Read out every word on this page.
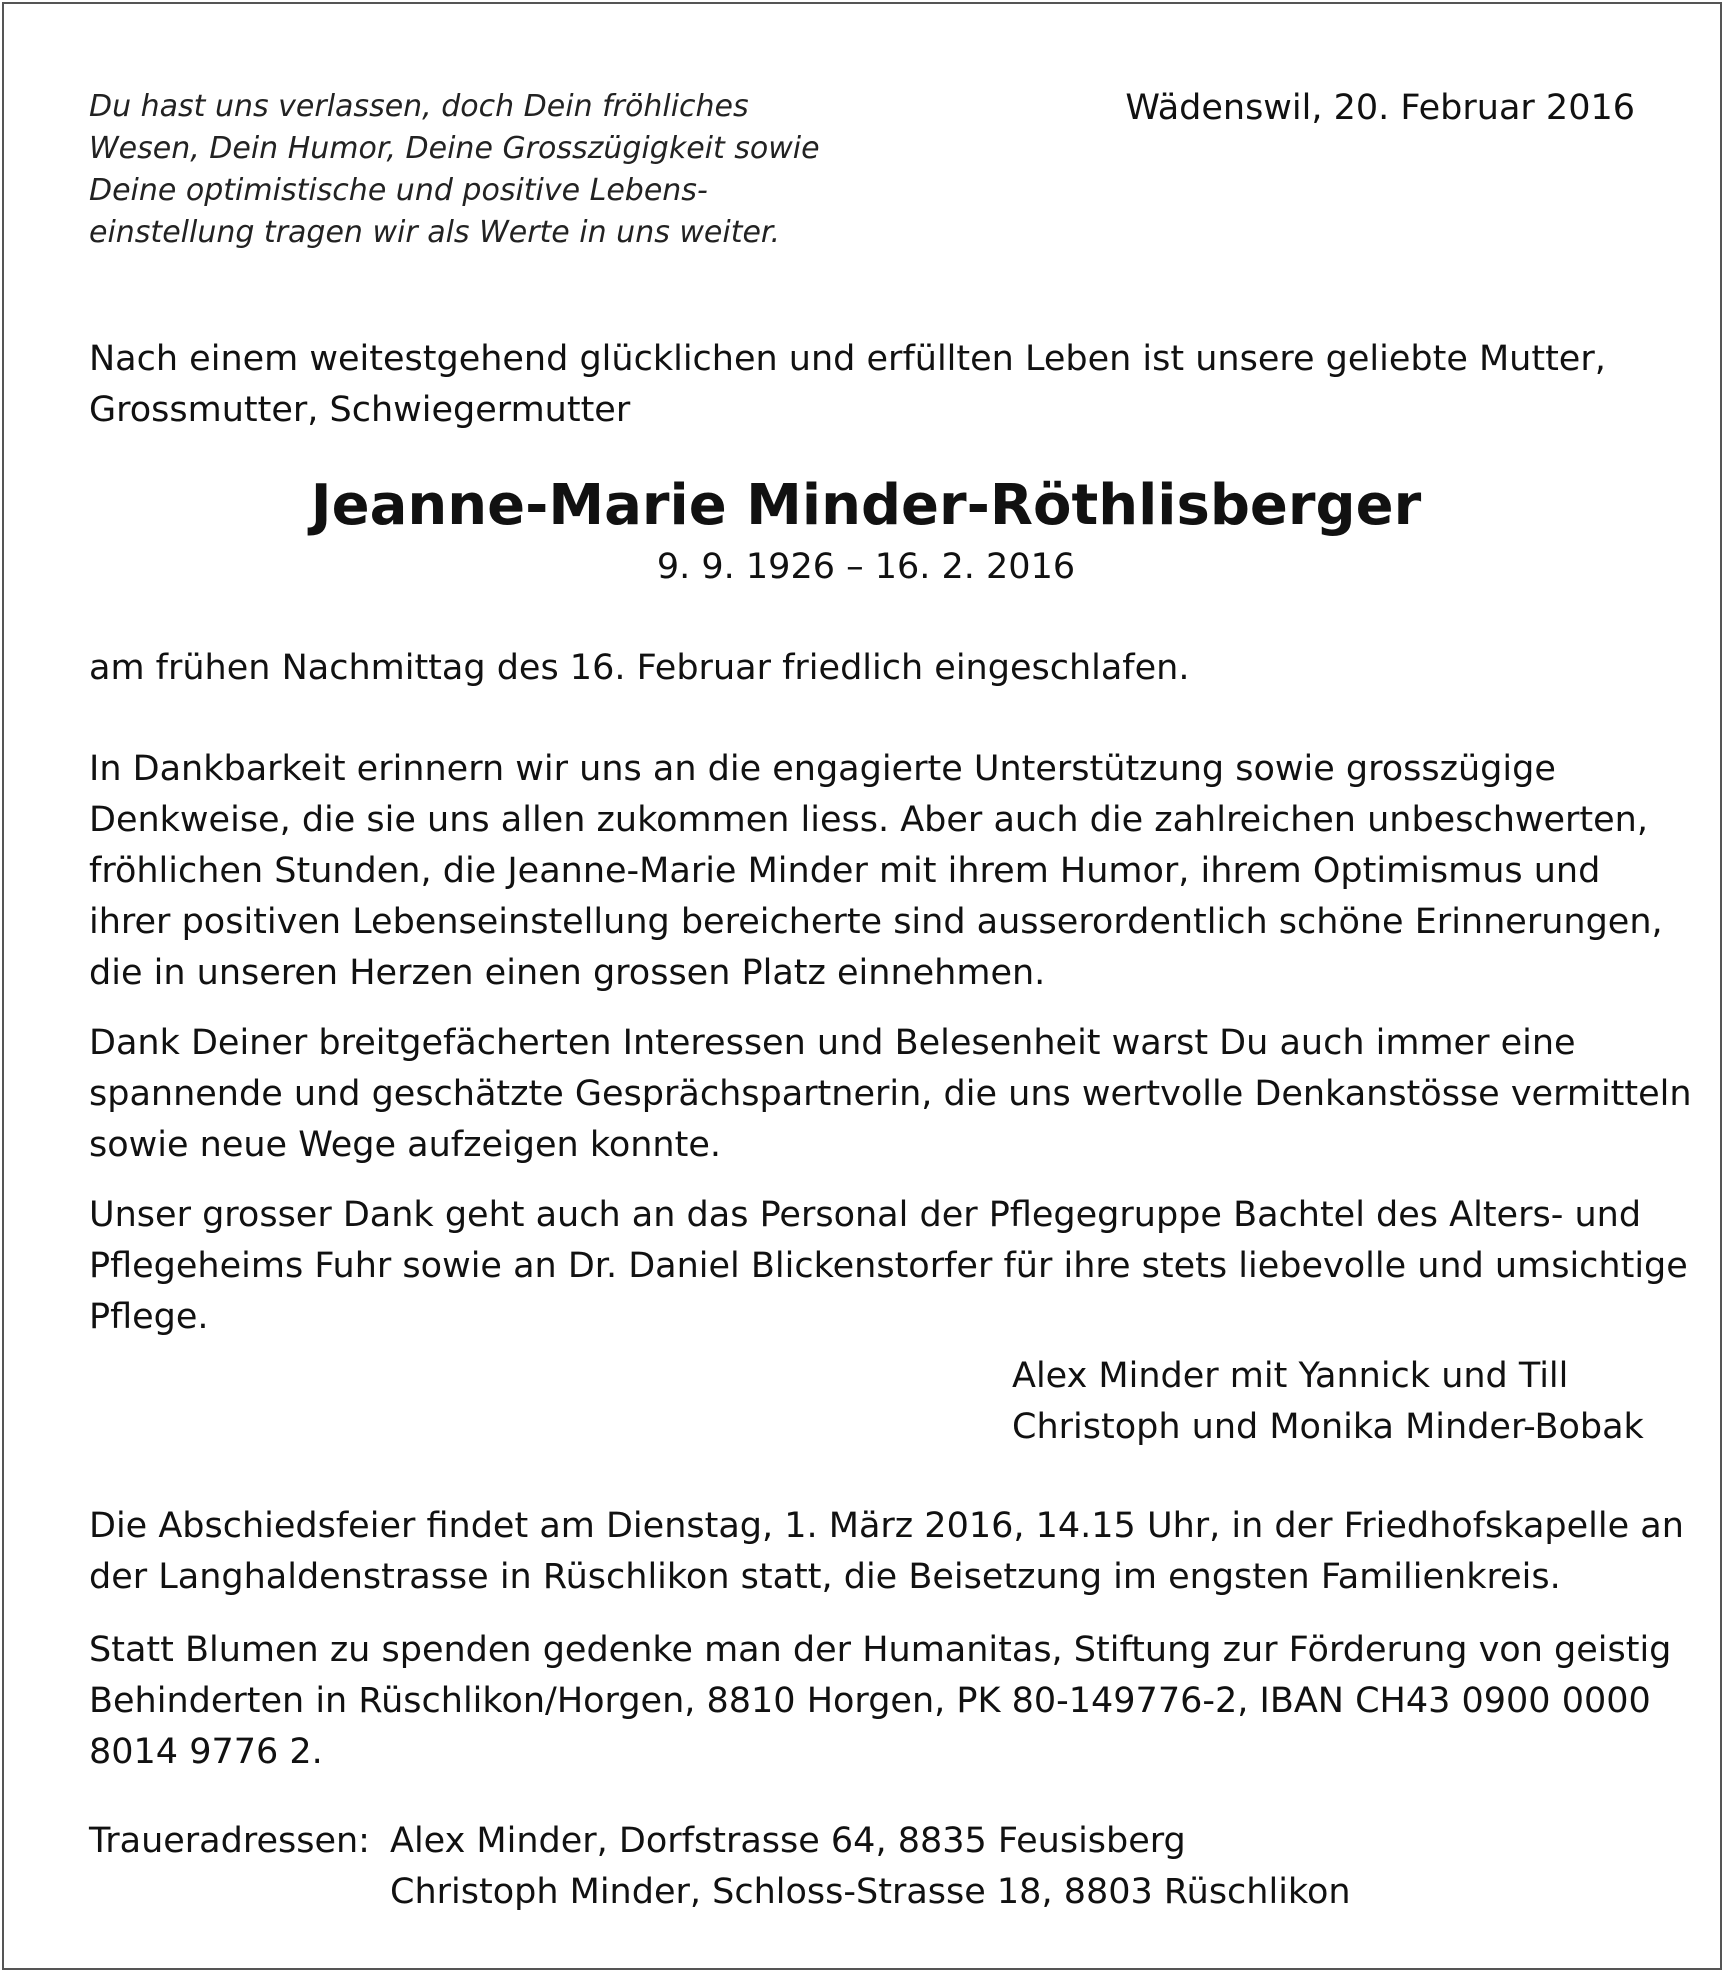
Du hast uns verlassen, doch Dein fröhliches
Wesen, Dein Humor, Deine Grosszügigkeit sowie
Deine optimistische und positive Lebens-
einstellung tragen wir als Werte in uns weiter.
Wädenswil, 20. Februar 2016
Nach einem weitestgehend glücklichen und erfüllten Leben ist unsere geliebte Mutter,
Grossmutter, Schwiegermutter
Jeanne-Marie Minder-Röthlisberger
9. 9. 1926 – 16. 2. 2016
am frühen Nachmittag des 16. Februar friedlich eingeschlafen.
In Dankbarkeit erinnern wir uns an die engagierte Unterstützung sowie grosszügige
Denkweise, die sie uns allen zukommen liess. Aber auch die zahlreichen unbeschwerten,
fröhlichen Stunden, die Jeanne-Marie Minder mit ihrem Humor, ihrem Optimismus und
ihrer positiven Lebenseinstellung bereicherte sind ausserordentlich schöne Erinnerungen,
die in unseren Herzen einen grossen Platz einnehmen.
Dank Deiner breitgefächerten Interessen und Belesenheit warst Du auch immer eine
spannende und geschätzte Gesprächspartnerin, die uns wertvolle Denkanstösse vermitteln
sowie neue Wege aufzeigen konnte.
Unser grosser Dank geht auch an das Personal der Pflegegruppe Bachtel des Alters- und
Pflegeheims Fuhr sowie an Dr. Daniel Blickenstorfer für ihre stets liebevolle und umsichtige
Pflege.
Alex Minder mit Yannick und Till
Christoph und Monika Minder-Bobak
Die Abschiedsfeier findet am Dienstag, 1. März 2016, 14.15 Uhr, in der Friedhofskapelle an
der Langhaldenstrasse in Rüschlikon statt, die Beisetzung im engsten Familienkreis.
Statt Blumen zu spenden gedenke man der Humanitas, Stiftung zur Förderung von geistig
Behinderten in Rüschlikon/Horgen, 8810 Horgen, PK 80-149776-2, IBAN CH43 0900 0000
8014 9776 2.
Traueradressen: Alex Minder, Dorfstrasse 64, 8835 Feusisberg
Christoph Minder, Schloss-Strasse 18, 8803 Rüschlikon
